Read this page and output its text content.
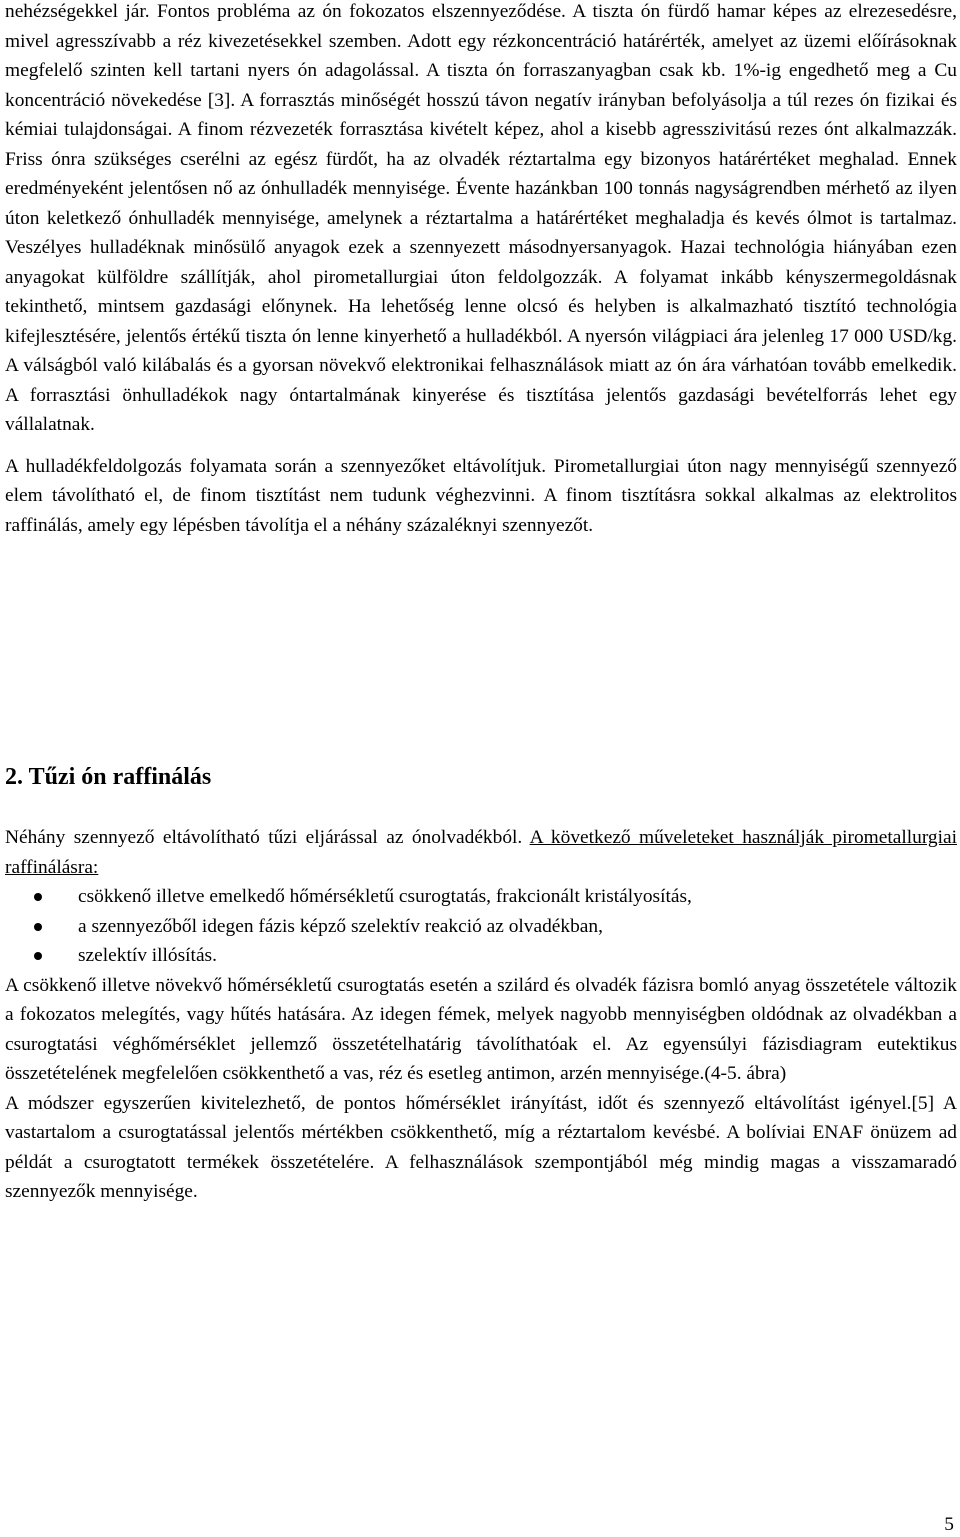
nehézségekkel jár. Fontos probléma az ón fokozatos elszennyeződése. A tiszta ón fürdő hamar képes az elrezesedésre, mivel agresszívabb a réz kivezetésekkel szemben. Adott egy rézkoncentráció határérték, amelyet az üzemi előírásoknak megfelelő szinten kell tartani nyers ón adagolással. A tiszta ón forraszanyagban csak kb. 1%-ig engedhető meg a Cu koncentráció növekedése [3]. A forrasztás minőségét hosszú távon negatív irányban befolyásolja a túl rezes ón fizikai és kémiai tulajdonságai. A finom rézvezeték forrasztása kivételt képez, ahol a kisebb agresszivitású rezes ónt alkalmazzák. Friss ónra szükséges cserélni az egész fürdőt, ha az olvadék réztartalma egy bizonyos határértéket meghalad. Ennek eredményeként jelentősen nő az ónhulladék mennyisége. Évente hazánkban 100 tonnás nagyságrendben mérhető az ilyen úton keletkező ónhulladék mennyisége, amelynek a réztartalma a határértéket meghaladja és kevés ólmot is tartalmaz. Veszélyes hulladéknak minősülő anyagok ezek a szennyezett másodnyersanyagok. Hazai technológia hiányában ezen anyagokat külföldre szállítják, ahol pirometallurgiai úton feldolgozzák. A folyamat inkább kényszermegoldásnak tekinthető, mintsem gazdasági előnynek. Ha lehetőség lenne olcsó és helyben is alkalmazható tisztító technológia kifejlesztésére, jelentős értékű tiszta ón lenne kinyerhető a hulladékból. A nyersón világpiaci ára jelenleg 17 000 USD/kg. A válságból való kilábalás és a gyorsan növekvő elektronikai felhasználások miatt az ón ára várhatóan tovább emelkedik. A forrasztási önhulladékok nagy óntartalmának kinyerése és tisztítása jelentős gazdasági bevételforrás lehet egy vállalatnak.

A hulladékfeldolgozás folyamata során a szennyezőket eltávolítjuk. Pirometallurgiai úton nagy mennyiségű szennyező elem távolítható el, de finom tisztítást nem tudunk véghezvinni. A finom tisztításra sokkal alkalmas az elektrolitos raffinálás, amely egy lépésben távolítja el a néhány százaléknyi szennyezőt.

2. Tűzi ón raffinálás

Néhány szennyező eltávolítható tűzi eljárással az ónolvadékból. A következő műveleteket használják pirometallurgiai raffinálásra:

csökkenő illetve emelkedő hőmérsékletű csurogtatás, frakcionált kristályosítás,
a szennyezőből idegen fázis képző szelektív reakció az olvadékban,
szelektív illósítás.

A csökkenő illetve növekvő hőmérsékletű csurogtatás esetén a szilárd és olvadék fázisra bomló anyag összetétele változik a fokozatos melegítés, vagy hűtés hatására. Az idegen fémek, melyek nagyobb mennyiségben oldódnak az olvadékban a csurogtatási véghőmérséklet jellemző összetételhatárig távolíthatóak el. Az egyensúlyi fázisdiagram eutektikus összetételének megfelelően csökkenthető a vas, réz és esetleg antimon, arzén mennyisége.(4-5. ábra)

A módszer egyszerűen kivitelezhető, de pontos hőmérséklet irányítást, időt és szennyező eltávolítást igényel.[5] A vastartalom a csurogtatással jelentős mértékben csökkenthető, míg a réztartalom kevésbé. A bolíviai ENAF önüzem ad példát a csurogtatott termékek összetételére. A felhasználások szempontjából még mindig magas a visszamaradó szennyezők mennyisége.

5
